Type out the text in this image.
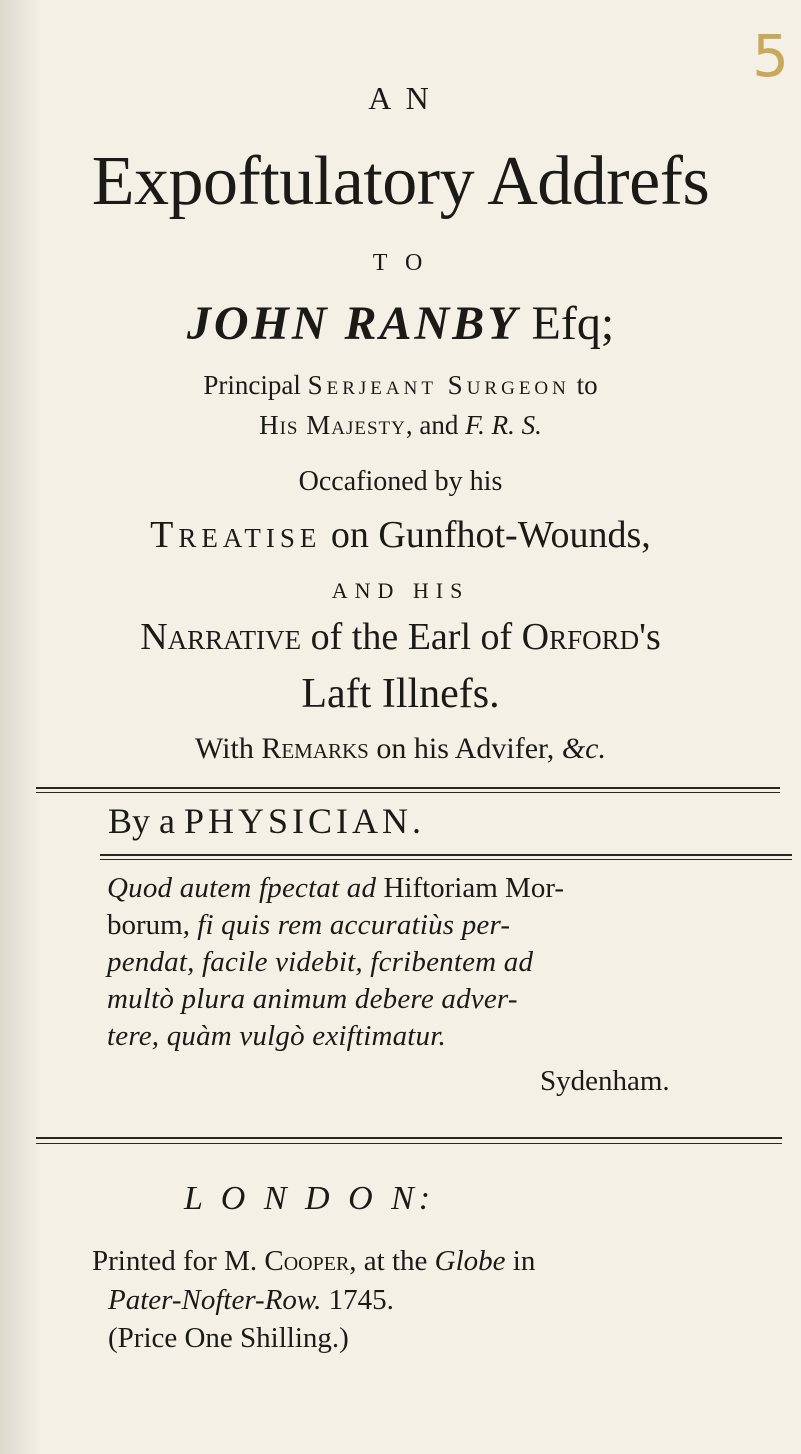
5
A N
Expoftulatory Addrefs
T O
JOHN RANBY Efq;
Principal Serjeant Surgeon to
His Majesty, and F. R. S.
Occafioned by his
Treatise on Gunfhot-Wounds,
AND HIS
Narrative of the Earl of Orford's
Laft Illnefs.
With Remarks on his Advifer, &c.
By a PHYSICIAN.
Quod autem fpectat ad Hiftoriam Mor-
borum, fi quis rem accuratiùs per-
pendat, facile videbit, fcribentem ad
multò plura animum debere adver-
tere, quàm vulgò exiftimatur.
Sydenham.
L O N D O N:
Printed for M. Cooper, at the Globe in
Pater-Nofter-Row. 1745.
(Price One Shilling.)
